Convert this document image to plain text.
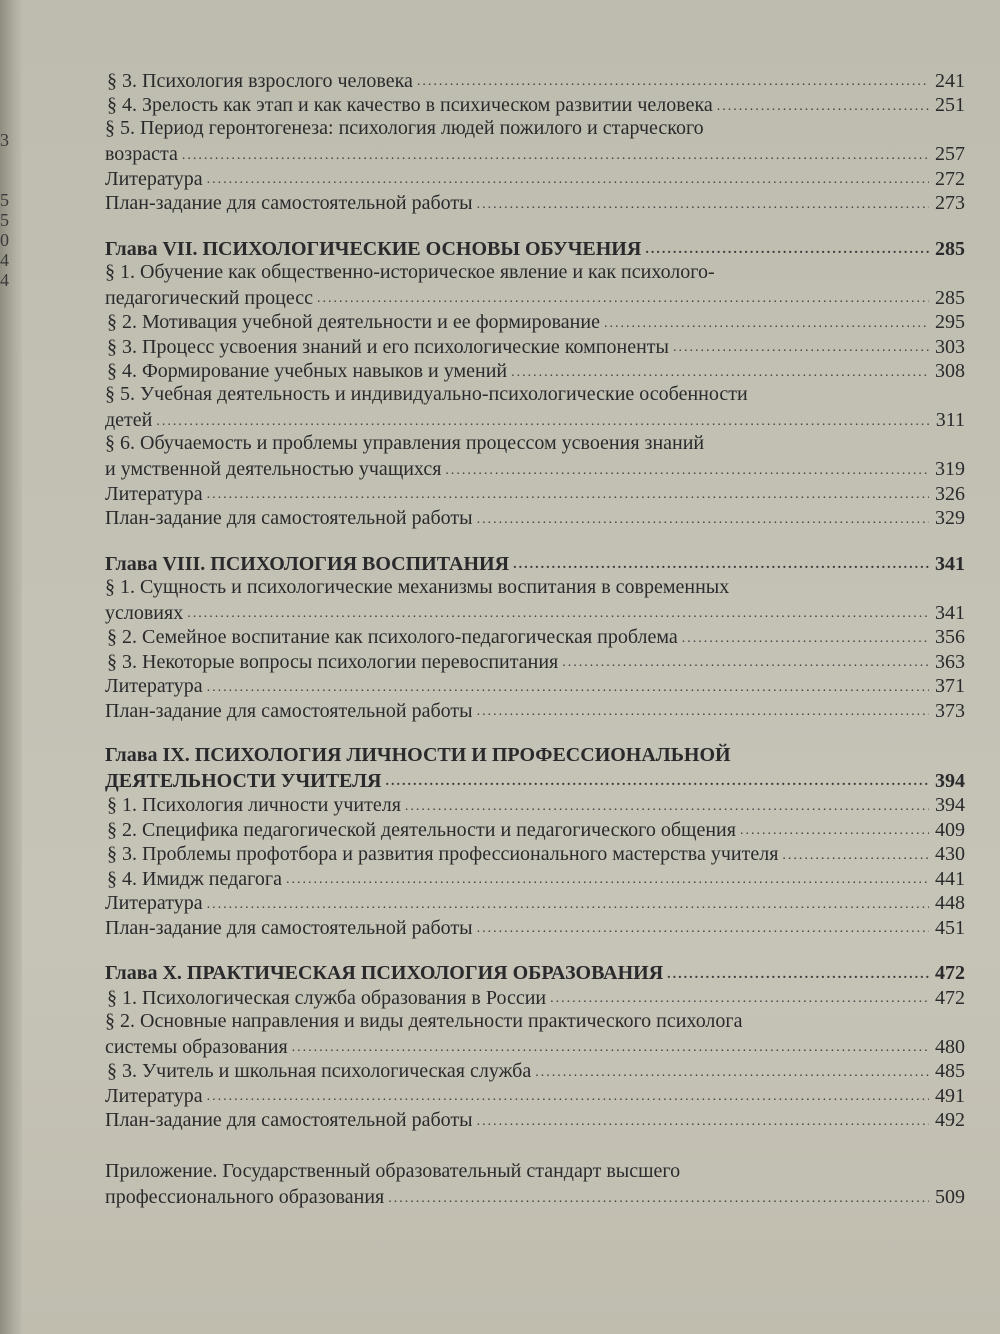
3
5
5
0
4
4
§ 3. Психология взрослого человека .....	241
§ 4. Зрелость как этап и как качество в психическом развитии человека .....	251
§ 5. Период геронтогенеза: психология людей пожилого и старческого
возраста .....	257
Литература .....	272
План-задание для самостоятельной работы .....	273
Глава VII. ПСИХОЛОГИЧЕСКИЕ ОСНОВЫ ОБУЧЕНИЯ .....	285
§ 1. Обучение как общественно-историческое явление и как психолого-
педагогический процесс .....	285
§ 2. Мотивация учебной деятельности и ее формирование .....	295
§ 3. Процесс усвоения знаний и его психологические компоненты .....	303
§ 4. Формирование учебных навыков и умений .....	308
§ 5. Учебная деятельность и индивидуально-психологические особенности
детей .....	311
§ 6. Обучаемость и проблемы управления процессом усвоения знаний
и умственной деятельностью учащихся .....	319
Литература .....	326
План-задание для самостоятельной работы .....	329
Глава VIII. ПСИХОЛОГИЯ ВОСПИТАНИЯ .....	341
§ 1. Сущность и психологические механизмы воспитания в современных
условиях .....	341
§ 2. Семейное воспитание как психолого-педагогическая проблема .....	356
§ 3. Некоторые вопросы психологии перевоспитания .....	363
Литература .....	371
План-задание для самостоятельной работы .....	373
Глава IX. ПСИХОЛОГИЯ ЛИЧНОСТИ И ПРОФЕССИОНАЛЬНОЙ
ДЕЯТЕЛЬНОСТИ УЧИТЕЛЯ .....	394
§ 1. Психология личности учителя .....	394
§ 2. Специфика педагогической деятельности и педагогического общения .....	409
§ 3. Проблемы профотбора и развития профессионального мастерства учителя .....	430
§ 4. Имидж педагога .....	441
Литература .....	448
План-задание для самостоятельной работы .....	451
Глава X. ПРАКТИЧЕСКАЯ ПСИХОЛОГИЯ ОБРАЗОВАНИЯ .....	472
§ 1. Психологическая служба образования в России .....	472
§ 2. Основные направления и виды деятельности практического психолога
системы образования .....	480
§ 3. Учитель и школьная психологическая служба .....	485
Литература .....	491
План-задание для самостоятельной работы .....	492
Приложение. Государственный образовательный стандарт высшего
профессионального образования .....	509
